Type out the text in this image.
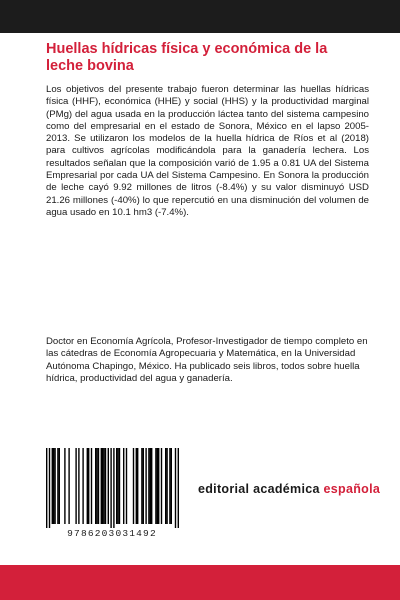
Huellas hídricas física y económica de la leche bovina

Los objetivos del presente trabajo fueron determinar las huellas hídricas física (HHF), económica (HHE) y social (HHS) y la productividad marginal (PMg) del agua usada en la producción láctea tanto del sistema campesino como del empresarial en el estado de Sonora, México en el lapso 2005-2013. Se utilizaron los modelos de la huella hídrica de Ríos et al (2018) para cultivos agrícolas modificándola para la ganadería lechera. Los resultados señalan que la composición varió de 1.95 a 0.81 UA del Sistema Empresarial por cada UA del Sistema Campesino. En Sonora la producción de leche cayó 9.92 millones de litros (-8.4%) y su valor disminuyó USD 21.26 millones (-40%) lo que repercutió en una disminución del volumen de agua usado en 10.1 hm3 (-7.4%).

Doctor en Economía Agrícola, Profesor-Investigador de tiempo completo en las cátedras de Economía Agropecuaria y Matemática, en la Universidad Autónoma Chapingo, México. Ha publicado seis libros, todos sobre huella hídrica, productividad del agua y ganadería.

9786203031492
editorial académica española
